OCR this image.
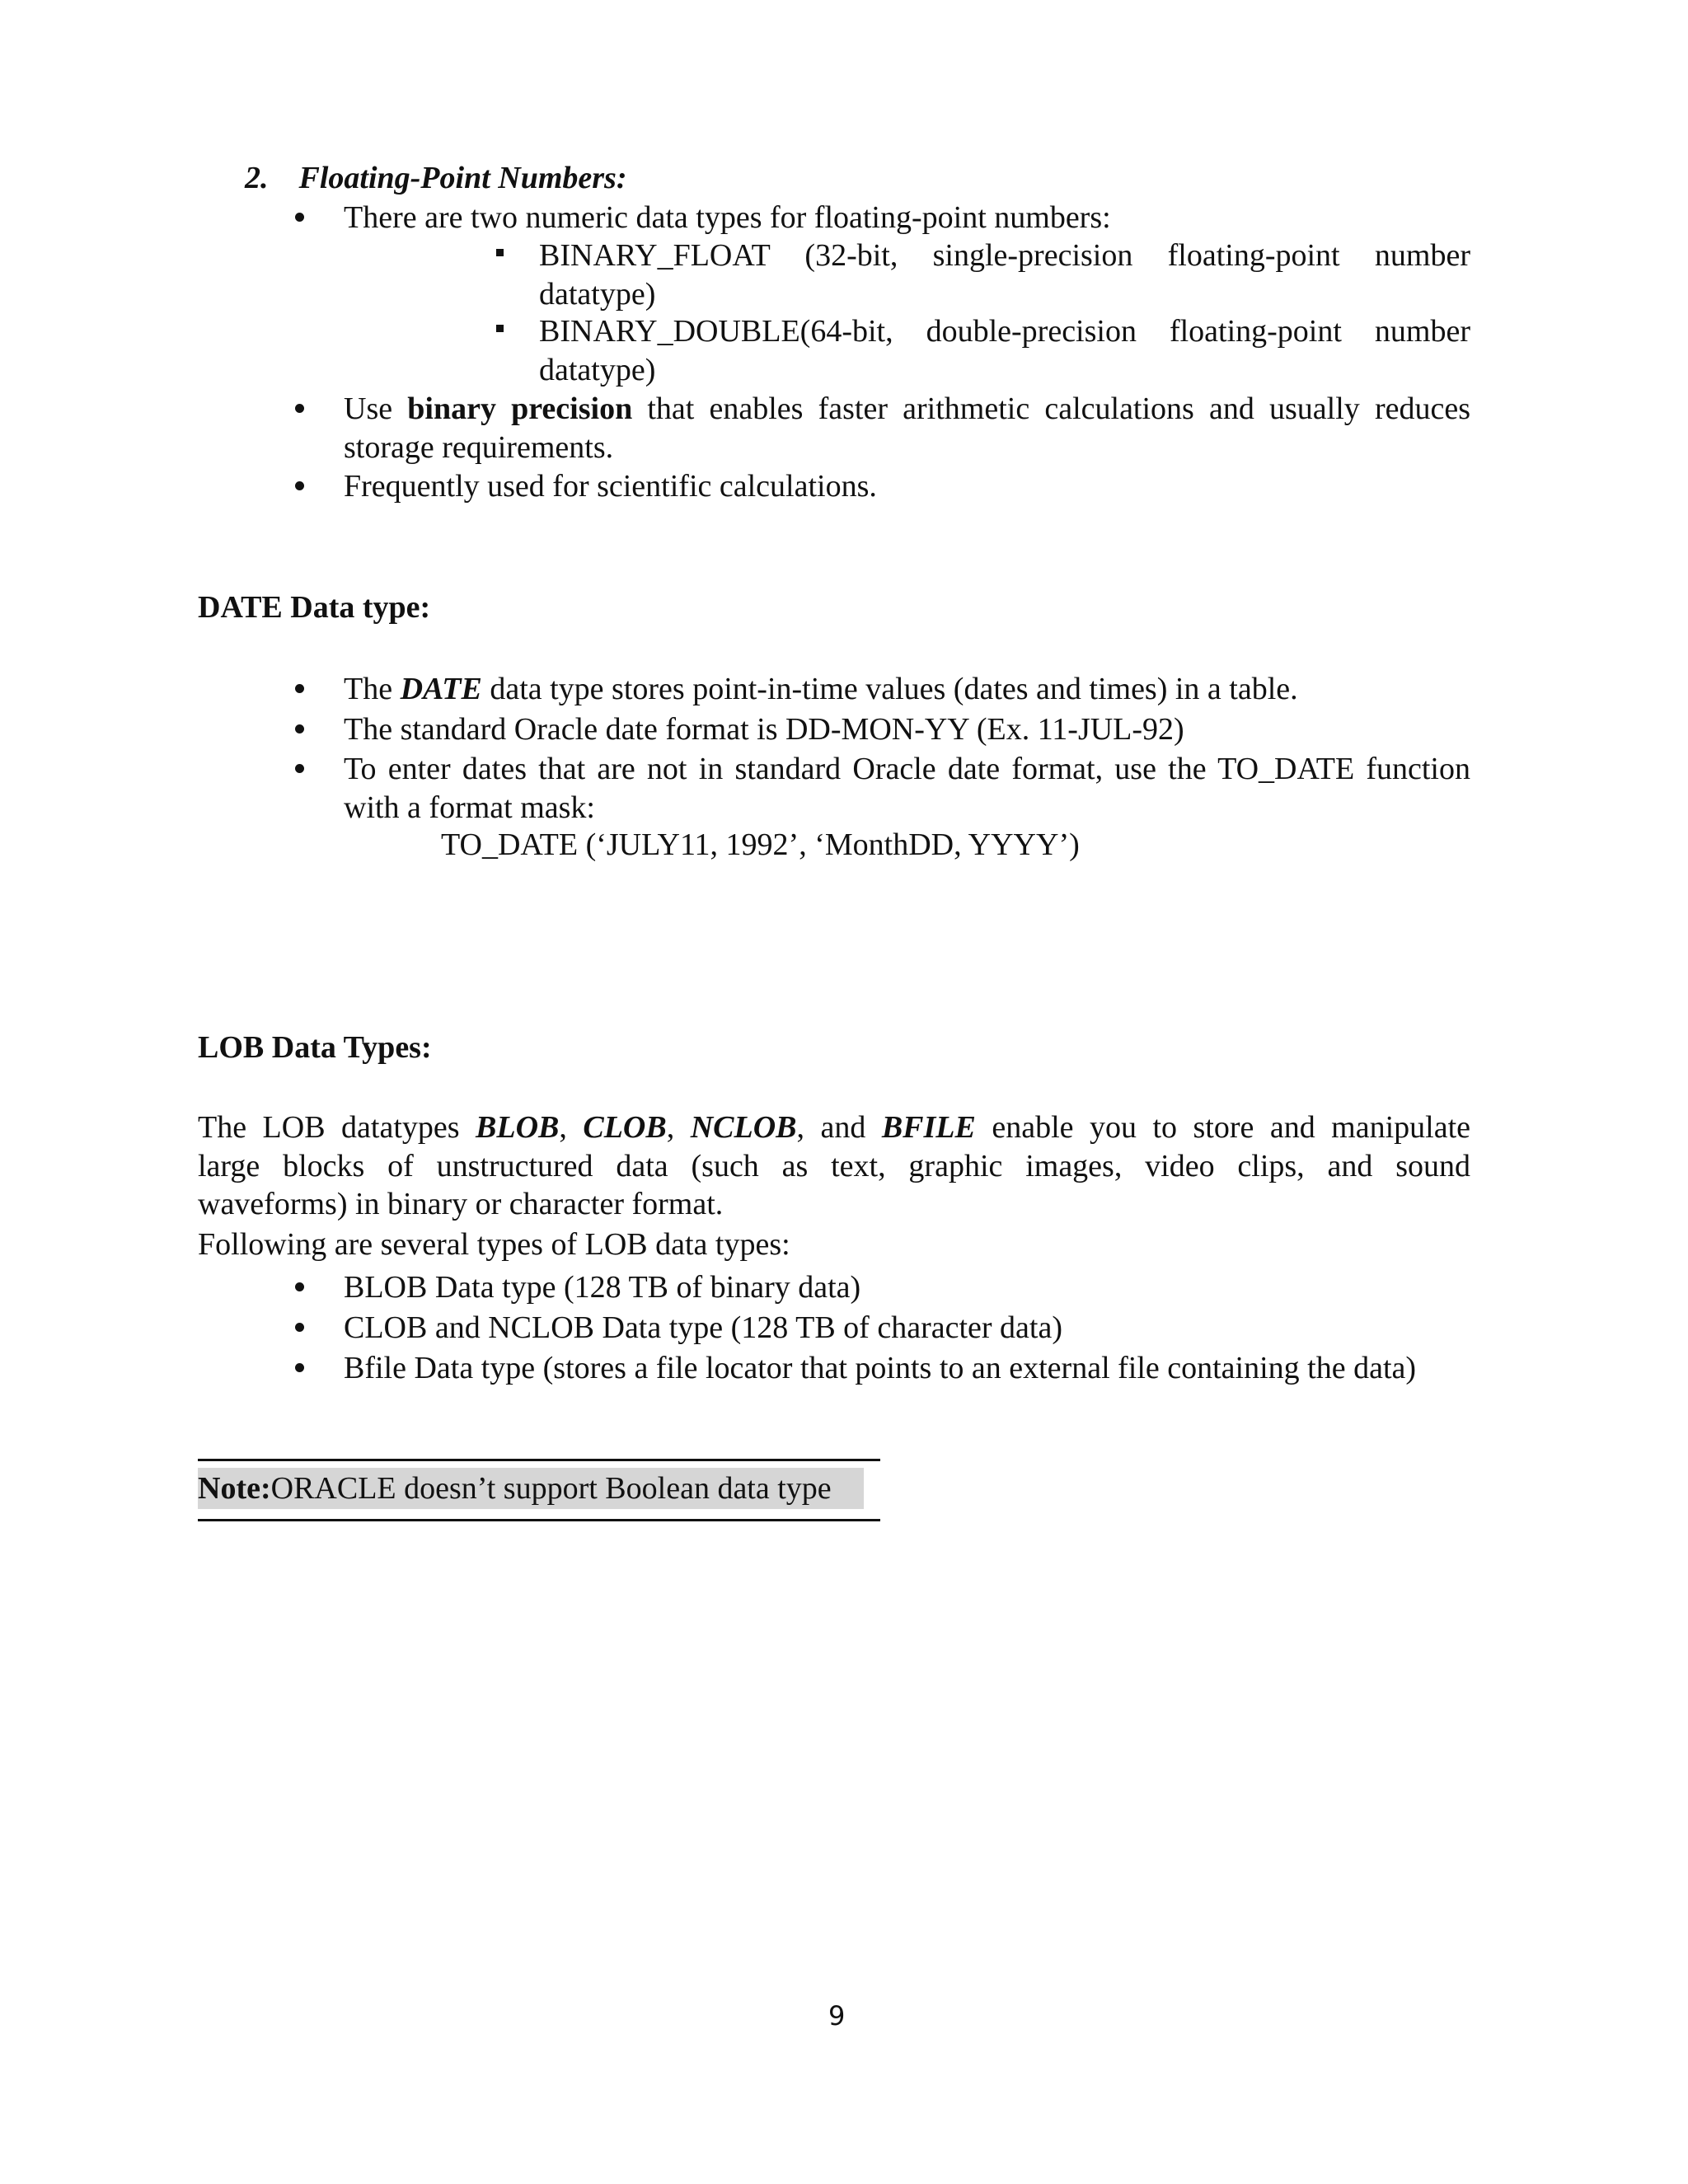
2. Floating-Point Numbers:
There are two numeric data types for floating-point numbers:
BINARY_FLOAT (32-bit, single-precision floating-point number
datatype)
BINARY_DOUBLE(64-bit, double-precision floating-point number
datatype)
Use binary precision that enables faster arithmetic calculations and usually reduces
storage requirements.
Frequently used for scientific calculations.
DATE Data type:
The DATE data type stores point-in-time values (dates and times) in a table.
The standard Oracle date format is DD-MON-YY (Ex. 11-JUL-92)
To enter dates that are not in standard Oracle date format, use the TO_DATE function
with a format mask:
TO_DATE (‘JULY11, 1992’, ‘MonthDD, YYYY’)
LOB Data Types:
The LOB datatypes BLOB, CLOB, NCLOB, and BFILE enable you to store and manipulate
large blocks of unstructured data (such as text, graphic images, video clips, and sound
waveforms) in binary or character format.
Following are several types of LOB data types:
BLOB Data type (128 TB of binary data)
CLOB and NCLOB Data type (128 TB of character data)
Bfile Data type (stores a file locator that points to an external file containing the data)
Note:ORACLE doesn’t support Boolean data type
9
